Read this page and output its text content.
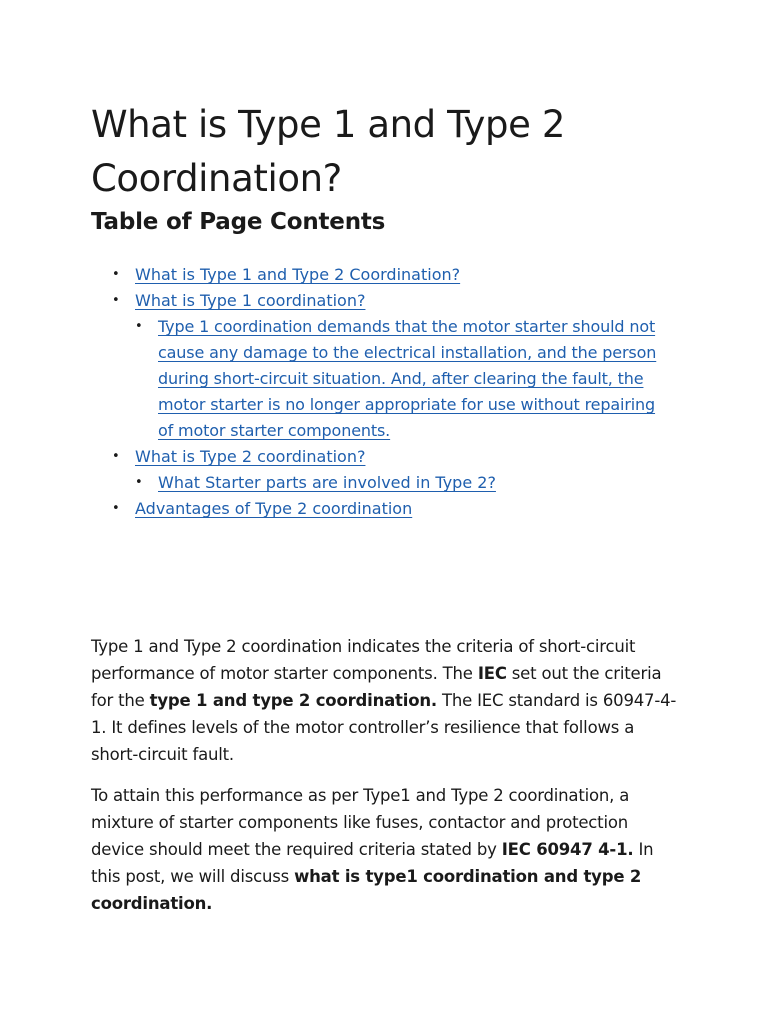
What is Type 1 and Type 2 Coordination?
Table of Page Contents
• What is Type 1 and Type 2 Coordination?
• What is Type 1 coordination?
• Type 1 coordination demands that the motor starter should not cause any damage to the electrical installation, and the person during short-circuit situation. And, after clearing the fault, the motor starter is no longer appropriate for use without repairing of motor starter components.
• What is Type 2 coordination?
• What Starter parts are involved in Type 2?
• Advantages of Type 2 coordination

Type 1 and Type 2 coordination indicates the criteria of short-circuit performance of motor starter components. The IEC set out the criteria for the type 1 and type 2 coordination. The IEC standard is 60947-4-1. It defines levels of the motor controller’s resilience that follows a short-circuit fault.

To attain this performance as per Type1 and Type 2 coordination, a mixture of starter components like fuses, contactor and protection device should meet the required criteria stated by IEC 60947 4-1. In this post, we will discuss what is type1 coordination and type 2 coordination.
